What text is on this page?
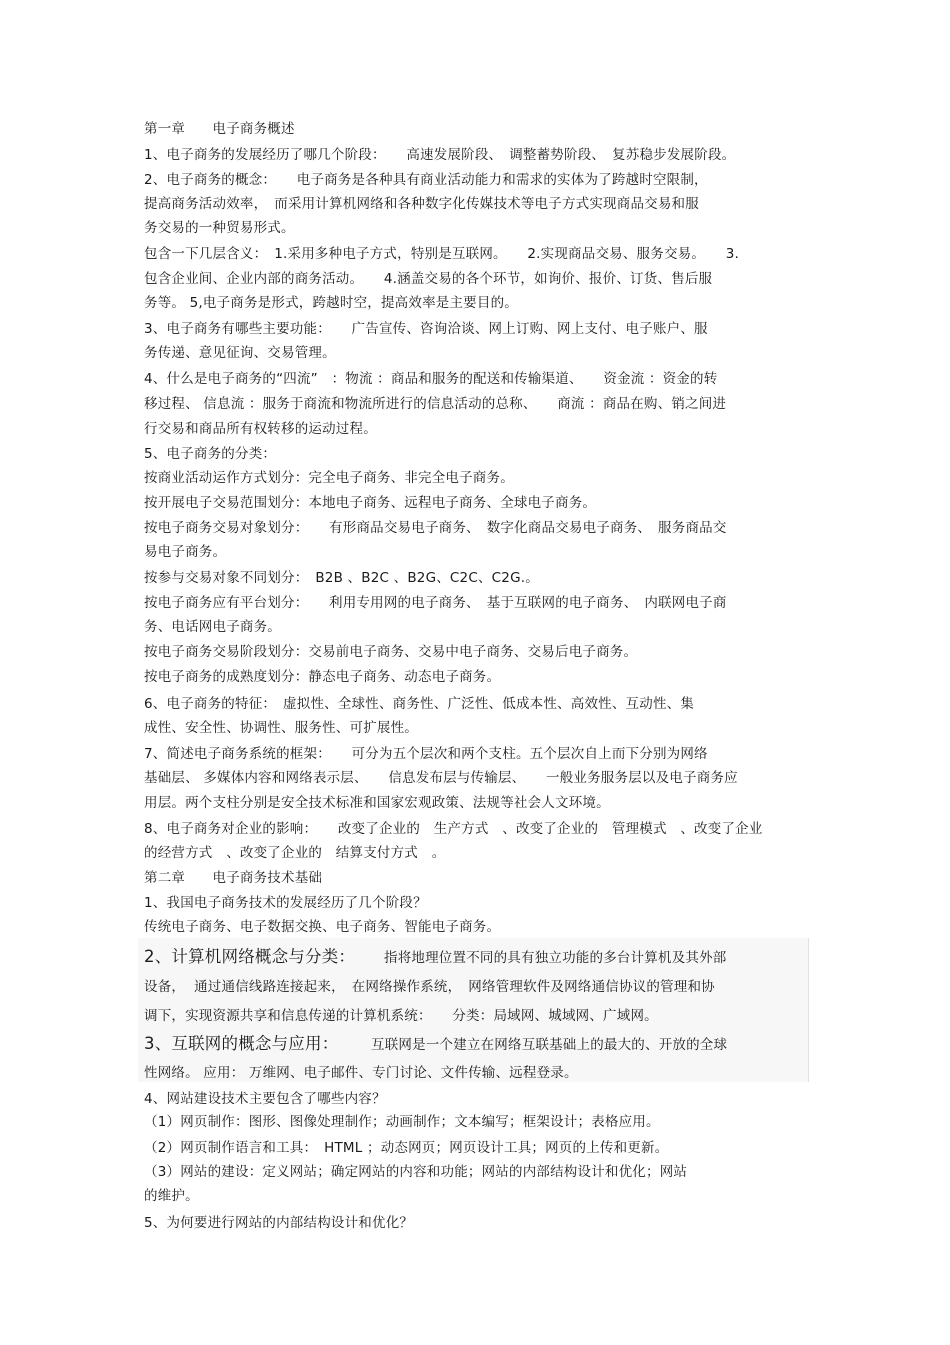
第一章　　电子商务概述
1、电子商务的发展经历了哪几个阶段：　　高速发展阶段、　调整蓄势阶段、　复苏稳步发展阶段。
2、电子商务的概念：　　电子商务是各种具有商业活动能力和需求的实体为了跨越时空限制，
提高商务活动效率，　而采用计算机网络和各种数字化传媒技术等电子方式实现商品交易和服
务交易的一种贸易形式。
包含一下几层含义：　1.采用多种电子方式，特别是互联网。　　2.实现商品交易、服务交易。　　3.
包含企业间、企业内部的商务活动。　　4.涵盖交易的各个环节，如询价、报价、订货、售后服
务等。 5,电子商务是形式，跨越时空，提高效率是主要目的。
3、电子商务有哪些主要功能：　　广告宣传、咨询洽谈、网上订购、网上支付、电子账户、服
务传递、意见征询、交易管理。
4、什么是电子商务的“四流”　：物流 ：商品和服务的配送和传输渠道、　　资金流 ：资金的转
移过程、 信息流 ：服务于商流和物流所进行的信息活动的总称、　　商流 ：商品在购、销之间进
行交易和商品所有权转移的运动过程。
5、电子商务的分类：
按商业活动运作方式划分：完全电子商务、非完全电子商务。
按开展电子交易范围划分：本地电子商务、远程电子商务、全球电子商务。
按电子商务交易对象划分：　　有形商品交易电子商务、　数字化商品交易电子商务、　服务商品交
易电子商务。
按参与交易对象不同划分：　B2B 、B2C 、B2G、C2C、C2G.。
按电子商务应有平台划分：　　利用专用网的电子商务、　基于互联网的电子商务、　内联网电子商
务、电话网电子商务。
按电子商务交易阶段划分：交易前电子商务、交易中电子商务、交易后电子商务。
按电子商务的成熟度划分：静态电子商务、动态电子商务。
6、电子商务的特征：　虚拟性、全球性、商务性、广泛性、低成本性、高效性、互动性、集
成性、安全性、协调性、服务性、可扩展性。
7、简述电子商务系统的框架：　　可分为五个层次和两个支柱。五个层次自上而下分别为网络
基础层、 多媒体内容和网络表示层、　　信息发布层与传输层、　　一般业务服务层以及电子商务应
用层。两个支柱分别是安全技术标准和国家宏观政策、法规等社会人文环境。
8、电子商务对企业的影响：　　改变了企业的　生产方式　、改变了企业的　管理模式　、改变了企业
的经营方式　、改变了企业的　结算支付方式　。
第二章　　电子商务技术基础
1、我国电子商务技术的发展经历了几个阶段？
传统电子商务、电子数据交换、电子商务、智能电子商务。
2、计算机网络概念与分类： 指将地理位置不同的具有独立功能的多台计算机及其外部
设备，  通过通信线路连接起来，　在网络操作系统，　网络管理软件及网络通信协议的管理和协
调下，实现资源共享和信息传递的计算机系统：　　分类：局域网、城域网、广域网。
3、互联网的概念与应用： 互联网是一个建立在网络互联基础上的最大的、开放的全球
性网络。 应用： 万维网、电子邮件、专门讨论、文件传输、远程登录。
4、网站建设技术主要包含了哪些内容？
（1）网页制作：图形、图像处理制作；动画制作；文本编写；框架设计；表格应用。
（2）网页制作语言和工具：　HTML ；动态网页；网页设计工具；网页的上传和更新。
（3）网站的建设：定义网站；确定网站的内容和功能；网站的内部结构设计和优化；网站
的维护。
5、为何要进行网站的内部结构设计和优化？
